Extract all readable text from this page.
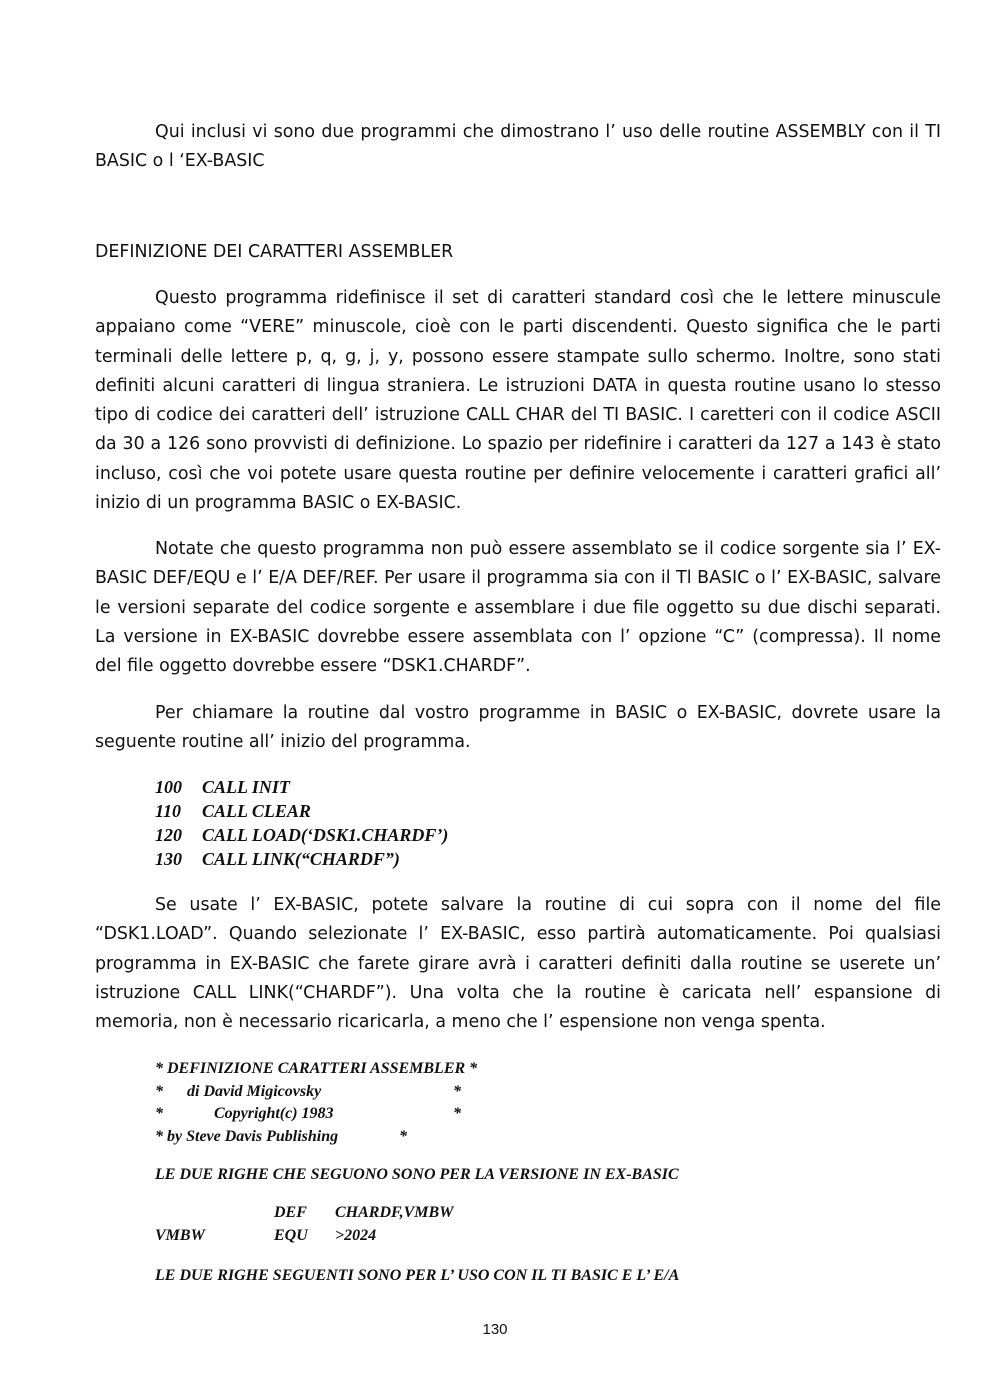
Qui inclusi vi sono due programmi che dimostrano l’ uso delle routine ASSEMBLY con il TI BASIC o l ‘EX-BASIC

DEFINIZIONE DEI CARATTERI ASSEMBLER

Questo programma ridefinisce il set di caratteri standard così che le lettere minuscule appaiano come “VERE” minuscole, cioè con le parti discendenti. Questo significa che le parti terminali delle lettere p, q, g, j, y, possono essere stampate sullo schermo. Inoltre, sono stati definiti alcuni caratteri di lingua straniera. Le istruzioni DATA in questa routine usano lo stesso tipo di codice dei caratteri dell’ istruzione CALL CHAR del TI BASIC. I caretteri con il codice ASCII da 30 a 126 sono provvisti di definizione. Lo spazio per ridefinire i caratteri da 127 a 143 è stato incluso, così che voi potete usare questa routine per definire velocemente i caratteri grafici all’ inizio di un programma BASIC o EX-BASIC.

Notate che questo programma non può essere assemblato se il codice sorgente sia l’ EX-BASIC DEF/EQU e l’ E/A DEF/REF. Per usare il programma sia con il Tl BASIC o l’ EX-BASIC, salvare le versioni separate del codice sorgente e assemblare i due file oggetto su due dischi separati. La versione in EX-BASIC dovrebbe essere assemblata con l’ opzione “C” (compressa). Il nome del file oggetto dovrebbe essere “DSK1.CHARDF”.

Per chiamare la routine dal vostro programme in BASIC o EX-BASIC, dovrete usare la seguente routine all’ inizio del programma.

100 CALL INIT
110 CALL CLEAR
120 CALL LOAD(‘DSK1.CHARDF’)
130 CALL LINK(“CHARDF”)

Se usate l’ EX-BASIC, potete salvare la routine di cui sopra con il nome del file “DSK1.LOAD”. Quando selezionate l’ EX-BASIC, esso partirà automaticamente. Poi qualsiasi programma in EX-BASIC che farete girare avrà i caratteri definiti dalla routine se userete un’ istruzione CALL LINK(“CHARDF”). Una volta che la routine è caricata nell’ espansione di memoria, non è necessario ricaricarla, a meno che l’ espensione non venga spenta.

* DEFINIZIONE CARATTERI ASSEMBLER *
* di David Migicovsky	*
*	Copyright(c) 1983	*
* by Steve Davis Publishing	*

LE DUE RIGHE CHE SEGUONO SONO PER LA VERSIONE IN EX-BASIC

DEF CHARDF,VMBW
VMBW	EQU >2024

LE DUE RIGHE SEGUENTI SONO PER L’ USO CON IL TI BASIC E L’ E/A

130
